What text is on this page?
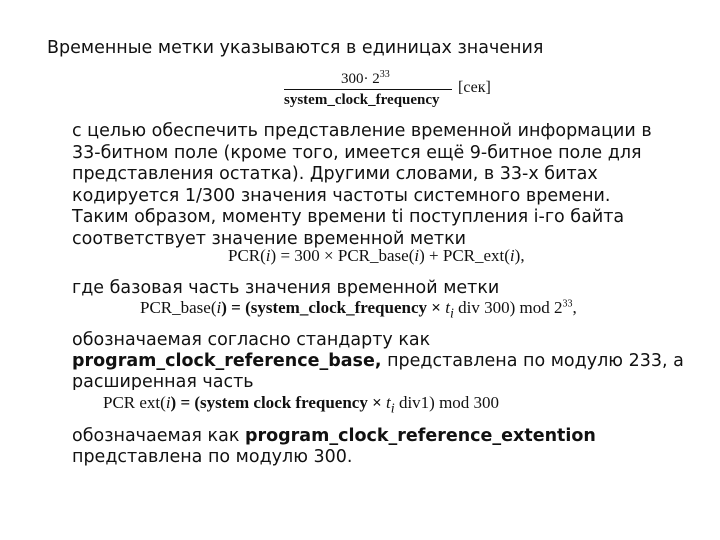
Временные метки указываются в единицах значения
$300\cdot 2^{33}$
system_clock_frequency
[сек]
с целью обеспечить представление временной информации в 33-битном поле (кроме того, имеется ещё 9-битное поле для представления остатка). Другими словами, в 33-х битах кодируется 1/300 значения частоты системного времени. Таким образом, моменту времени ti поступления i-го байта соответствует значение временной метки
PCR(i) = 300 × PCR_base(i) + PCR_ext(i),
где базовая часть значения временной метки
PCR_base(i) = (system_clock_frequency × $t_i$ div 300) mod $2^{33}$,
обозначаемая согласно стандарту как
program_clock_reference_base, представлена по модулю 233, а
расширенная часть
PCR ext(i) = (system clock frequency × $t_i$ div1) mod 300
обозначаемая как program_clock_reference_extention
представлена по модулю 300.
